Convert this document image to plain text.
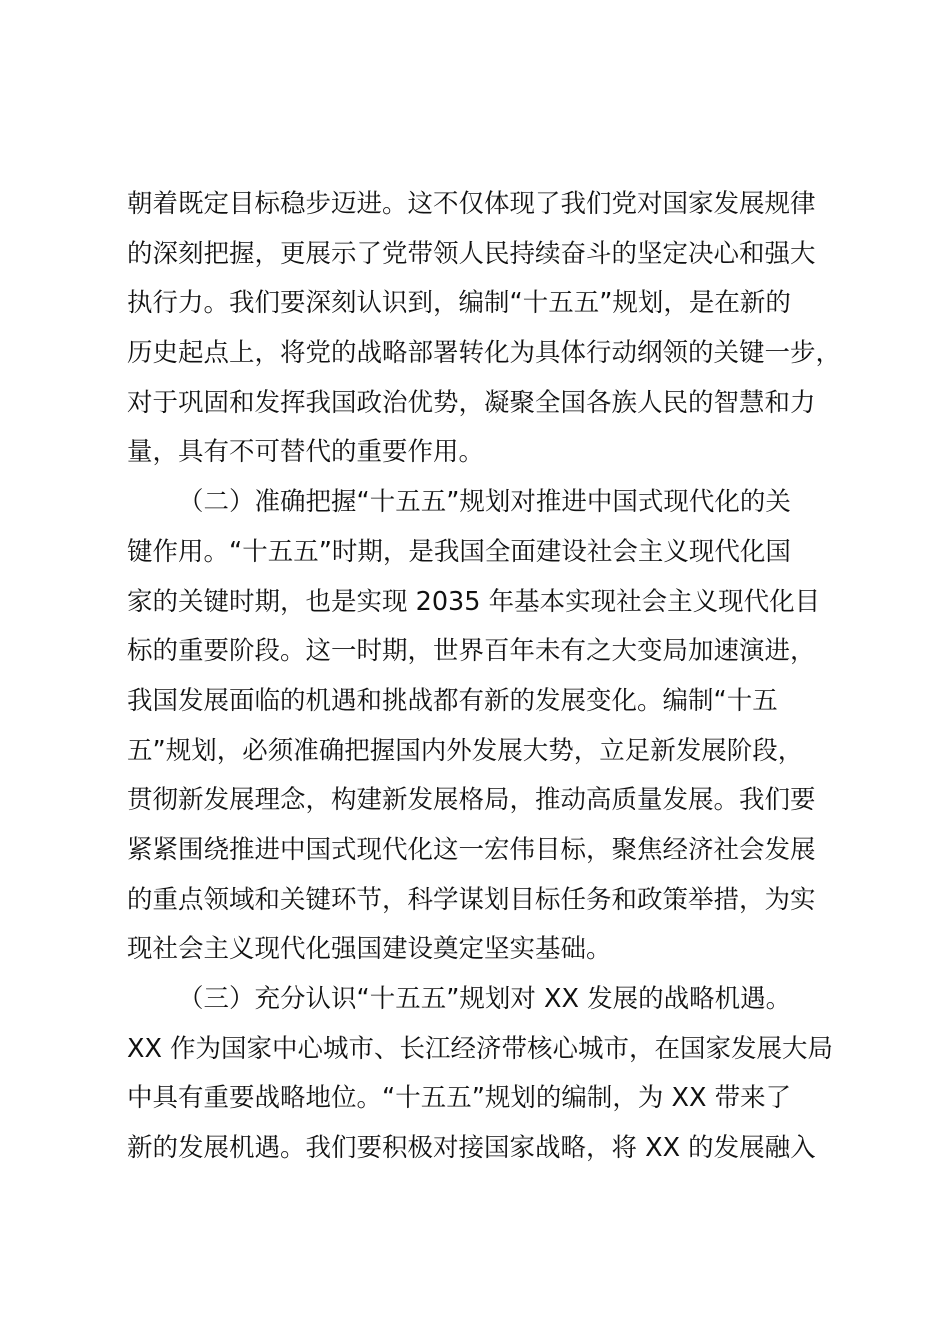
朝着既定目标稳步迈进。这不仅体现了我们党对国家发展规律
的深刻把握，更展示了党带领人民持续奋斗的坚定决心和强大
执行力。我们要深刻认识到，编制“十五五”规划，是在新的
历史起点上，将党的战略部署转化为具体行动纲领的关键一步，
对于巩固和发挥我国政治优势，凝聚全国各族人民的智慧和力
量，具有不可替代的重要作用。
（二）准确把握“十五五”规划对推进中国式现代化的关
键作用。“十五五”时期，是我国全面建设社会主义现代化国
家的关键时期，也是实现 2035 年基本实现社会主义现代化目
标的重要阶段。这一时期，世界百年未有之大变局加速演进，
我国发展面临的机遇和挑战都有新的发展变化。编制“十五
五”规划，必须准确把握国内外发展大势，立足新发展阶段，
贯彻新发展理念，构建新发展格局，推动高质量发展。我们要
紧紧围绕推进中国式现代化这一宏伟目标，聚焦经济社会发展
的重点领域和关键环节，科学谋划目标任务和政策举措，为实
现社会主义现代化强国建设奠定坚实基础。
（三）充分认识“十五五”规划对 XX 发展的战略机遇。
XX 作为国家中心城市、长江经济带核心城市，在国家发展大局
中具有重要战略地位。“十五五”规划的编制，为 XX 带来了
新的发展机遇。我们要积极对接国家战略，将 XX 的发展融入
